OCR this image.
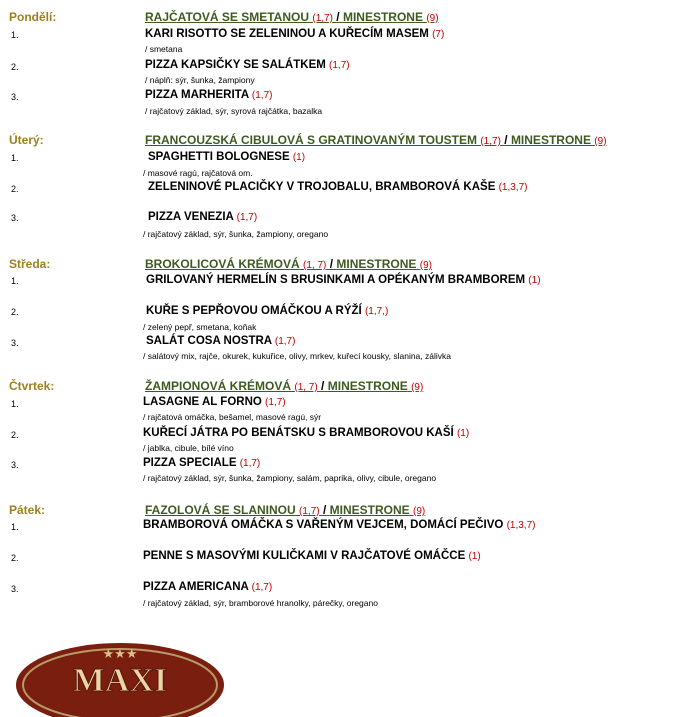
Pondělí:	RAJČATOVÁ SE SMETANOU (1,7) / MINESTRONE (9)
1.	KARI RISOTTO SE ZELENINOU A KUŘECÍM MASEM (7)
/ smetana
2.	PIZZA KAPSIČKY SE SALÁTKEM (1,7)
/ náplň: sýr, šunka, žampiony
3.	PIZZA MARHERITA (1,7)
/ rajčatový základ, sýr, syrová rajčátka, bazalka
Úterý:	FRANCOUZSKÁ CIBULOVÁ S GRATINOVANÝM TOUSTEM (1,7) / MINESTRONE (9)
1.	SPAGHETTI BOLOGNESE (1)
/ masové ragú, rajčatová om.
2.	ZELENINOVÉ PLACIČKY V TROJOBALU, BRAMBOROVÁ KAŠE (1,3,7)
3.	PIZZA VENEZIA (1,7)
/ rajčatový základ, sýr, šunka, žampiony, oregano
Středa:	BROKOLICOVÁ KRÉMOVÁ (1, 7) / MINESTRONE (9)
1.	GRILOVANÝ HERMELÍN S BRUSINKAMI A OPÉKANÝM BRAMBOREM (1)
2.	KUŘE S PEPŘOVOU OMÁČKOU A RÝŽÍ (1,7,)
/ zelený pepř, smetana, koňak
3.	SALÁT COSA NOSTRA (1,7)
/ salátový mix, rajče, okurek, kukuřice, olivy, mrkev, kuřecí kousky, slanina, zálivka
Čtvrtek:	ŽAMPIONOVÁ KRÉMOVÁ (1, 7) / MINESTRONE (9)
1.	LASAGNE AL FORNO (1,7)
/ rajčatová omáčka, bešamel, masové ragú, sýr
2.	KUŘECÍ JÁTRA PO BENÁTSKU S BRAMBOROVOU KAŠÍ (1)
/ jablka, cibule, bílé víno
3.	PIZZA SPECIALE (1,7)
/ rajčatový základ, sýr, šunka, žampiony, salám, paprika, olivy, cibule, oregano
Pátek:	FAZOLOVÁ SE SLANINOU (1,7) / MINESTRONE (9)
1.	BRAMBOROVÁ OMÁČKA S VAŘENÝM VEJCEM, DOMÁCÍ PEČIVO (1,3,7)
2.	PENNE S MASOVÝMI KULIČKAMI V RAJČATOVÉ OMÁČCE (1)
3.	PIZZA AMERICANA (1,7)
/ rajčatový základ, sýr, bramborové hranolky, párečky, oregano
★★★
MAXI
